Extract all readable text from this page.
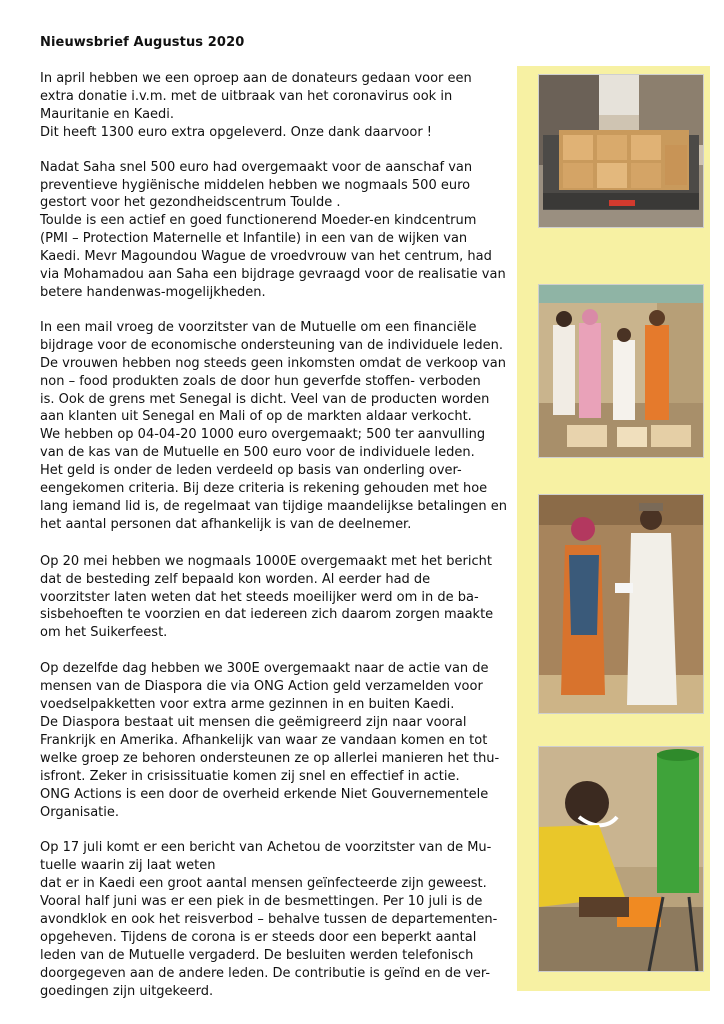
Nieuwsbrief Augustus 2020

In april hebben we een oproep aan de donateurs gedaan voor een
extra donatie i.v.m. met de uitbraak van het coronavirus ook in
Mauritanie en Kaedi.
Dit heeft 1300 euro extra opgeleverd. Onze dank daarvoor !

Nadat Saha snel 500 euro had overgemaakt voor de aanschaf van
preventieve hygiënische middelen hebben we nogmaals 500 euro
gestort voor het gezondheidscentrum Toulde .
Toulde is een actief en goed functionerend Moeder-en kindcentrum
(PMI – Protection Maternelle et Infantile) in een van de wijken van
Kaedi. Mevr Magoundou Wague de vroedvrouw van het centrum, had
via Mohamadou aan Saha een bijdrage gevraagd voor de realisatie van
betere handenwas-mogelijkheden.

In een mail vroeg de voorzitster van de Mutuelle om een financiële
bijdrage voor de economische ondersteuning van de individuele leden.
De vrouwen hebben nog steeds geen inkomsten omdat de verkoop van
non – food produkten zoals de door hun geverfde stoffen- verboden
is. Ook de grens met Senegal is dicht. Veel van de producten worden
aan klanten uit Senegal en Mali of op de markten aldaar verkocht.
We hebben op 04-04-20 1000 euro overgemaakt; 500 ter aanvulling
van de kas van de Mutuelle en 500 euro voor de individuele leden.
Het geld is onder de leden verdeeld op basis van onderling over-
eengekomen criteria. Bij deze criteria is rekening gehouden met hoe
lang iemand lid is, de regelmaat van tijdige maandelijkse betalingen en
het aantal personen dat afhankelijk is van de deelnemer.

Op 20 mei hebben we nogmaals 1000E overgemaakt met het bericht
dat de besteding zelf bepaald kon worden. Al eerder had de
voorzitster laten weten dat het steeds moeilijker werd om in de ba-
sisbehoeften te voorzien en dat iedereen zich daarom zorgen maakte
om het Suikerfeest.

Op dezelfde dag hebben we 300E overgemaakt naar de actie van de
mensen van de Diaspora die via ONG Action geld verzamelden voor
voedselpakketten voor extra arme gezinnen in en buiten Kaedi.
De Diaspora bestaat uit mensen die geëmigreerd zijn naar vooral
Frankrijk en Amerika. Afhankelijk van waar ze vandaan komen en tot
welke groep ze behoren ondersteunen ze op allerlei manieren het thu-
isfront. Zeker in crisissituatie komen zij snel en effectief in actie.
ONG Actions is een door de overheid erkende Niet Gouvernementele
Organisatie.

Op 17 juli komt er een bericht van Achetou de voorzitster van de Mu-
tuelle waarin zij laat weten
dat er in Kaedi een groot aantal mensen geïnfecteerde zijn geweest.
Vooral half juni was er een piek in de besmettingen. Per 10 juli is de
avondklok en ook het reisverbod – behalve tussen de departementen-
opgeheven. Tijdens de corona is er steeds door een beperkt aantal
leden van de Mutuelle vergaderd. De besluiten werden telefonisch
doorgegeven aan de andere leden. De contributie is geïnd en de ver-
goedingen zijn uitgekeerd.
